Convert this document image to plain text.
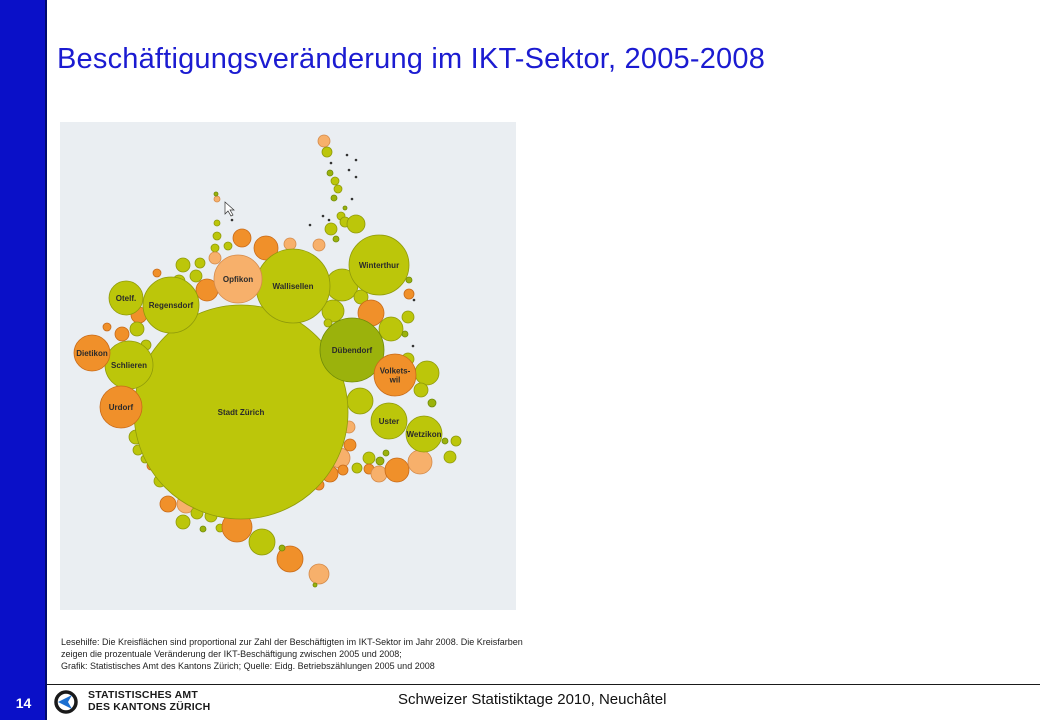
Beschäftigungsveränderung im IKT-Sektor, 2005-2008
Stadt Zürich
Wallisellen
Dübendorf
Winterthur
Regensdorf
Opfikon
Schlieren
Urdorf
Volkets-
wil
Dietikon
Uster
Wetzikon
Otelf.
Lesehilfe: Die Kreisflächen sind proportional zur Zahl der Beschäftigten im IKT-Sektor im Jahr 2008. Die Kreisfarben
zeigen die prozentuale Veränderung der IKT-Beschäftigung zwischen 2005 und 2008;
Grafik: Statistisches Amt des Kantons Zürich; Quelle: Eidg. Betriebszählungen 2005 und 2008
14	STATISTISCHES AMT
DES KANTONS ZÜRICH	Schweizer Statistiktage 2010, Neuchâtel
